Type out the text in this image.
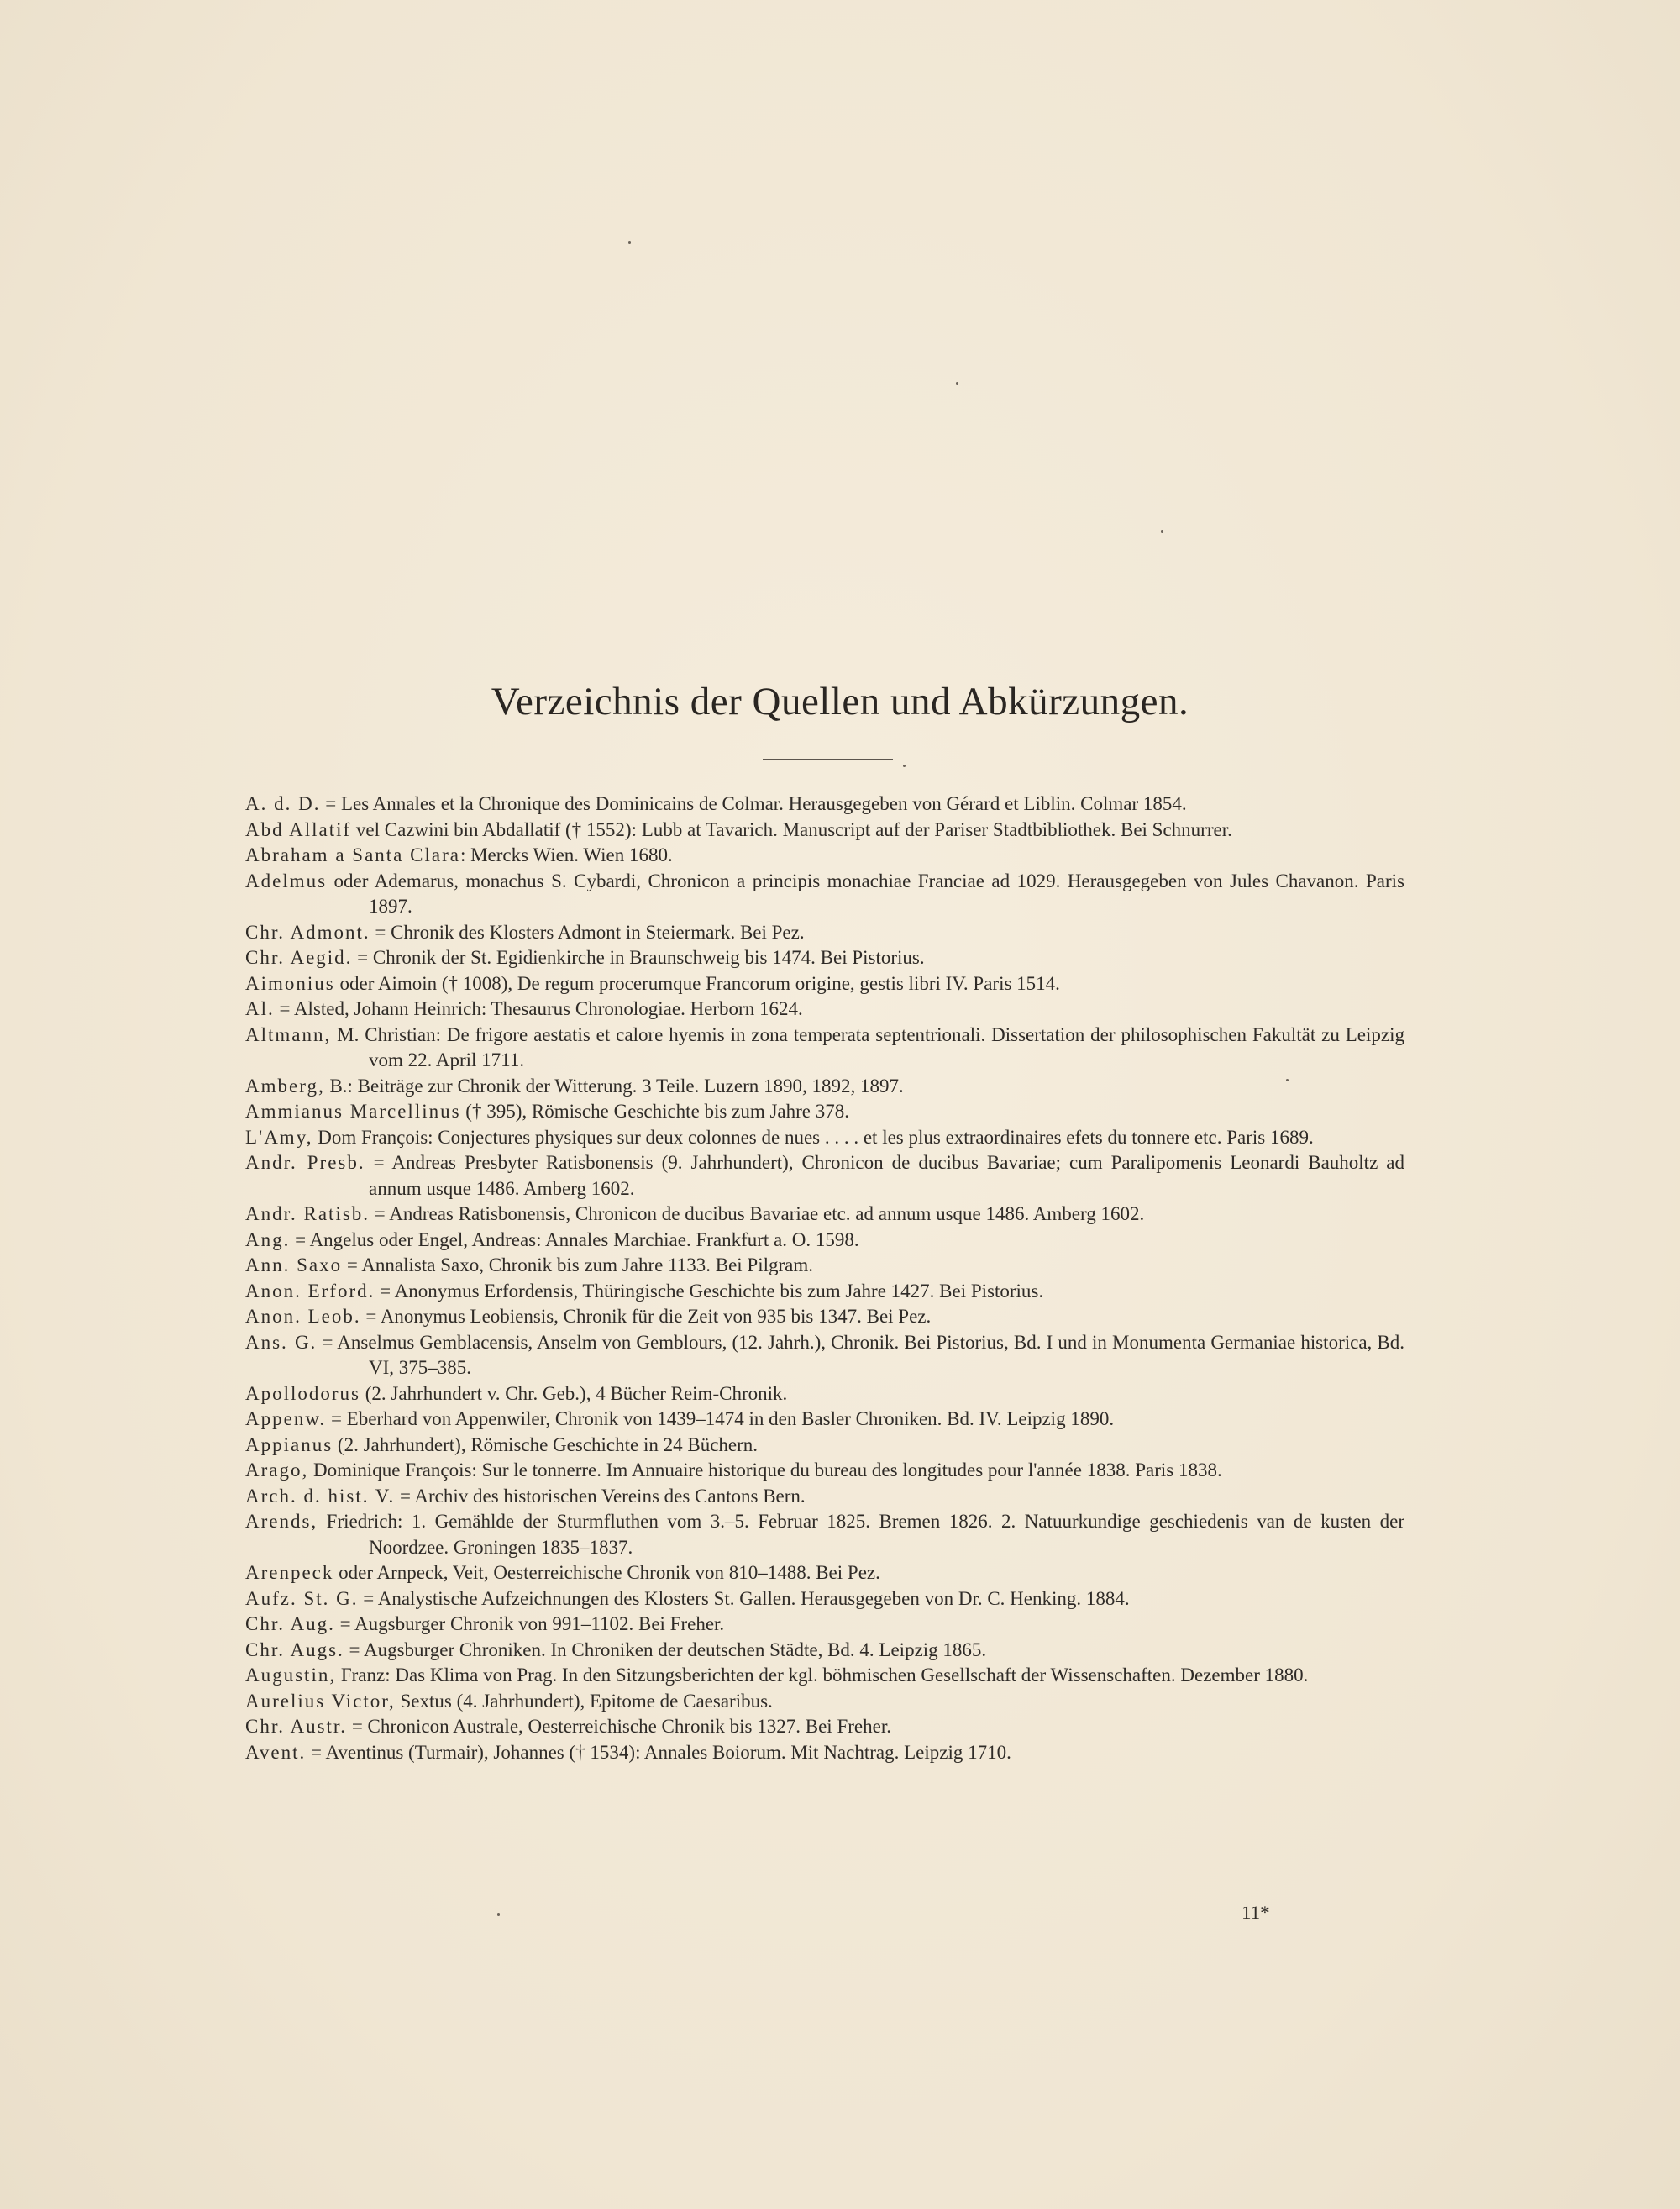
Verzeichnis der Quellen und Abkürzungen.
A. d. D. = Les Annales et la Chronique des Dominicains de Colmar. Herausgegeben von Gérard et Liblin. Colmar 1854.
Abd Allatif vel Cazwini bin Abdallatif († 1552): Lubb at Tavarich. Manuscript auf der Pariser Stadtbibliothek. Bei Schnurrer.
Abraham a Santa Clara: Mercks Wien. Wien 1680.
Adelmus oder Ademarus, monachus S. Cybardi, Chronicon a principis monachiae Franciae ad 1029. Herausgegeben von Jules Chavanon. Paris 1897.
Chr. Admont. = Chronik des Klosters Admont in Steiermark. Bei Pez.
Chr. Aegid. = Chronik der St. Egidienkirche in Braunschweig bis 1474. Bei Pistorius.
Aimonius oder Aimoin († 1008), De regum procerumque Francorum origine, gestis libri IV. Paris 1514.
Al. = Alsted, Johann Heinrich: Thesaurus Chronologiae. Herborn 1624.
Altmann, M. Christian: De frigore aestatis et calore hyemis in zona temperata septentrionali. Dissertation der philosophischen Fakultät zu Leipzig vom 22. April 1711.
Amberg, B.: Beiträge zur Chronik der Witterung. 3 Teile. Luzern 1890, 1892, 1897.
Ammianus Marcellinus († 395), Römische Geschichte bis zum Jahre 378.
L'Amy, Dom François: Conjectures physiques sur deux colonnes de nues . . . . et les plus extraordinaires efets du tonnere etc. Paris 1689.
Andr. Presb. = Andreas Presbyter Ratisbonensis (9. Jahrhundert), Chronicon de ducibus Bavariae; cum Paralipomenis Leonardi Bauholtz ad annum usque 1486. Amberg 1602.
Andr. Ratisb. = Andreas Ratisbonensis, Chronicon de ducibus Bavariae etc. ad annum usque 1486. Amberg 1602.
Ang. = Angelus oder Engel, Andreas: Annales Marchiae. Frankfurt a. O. 1598.
Ann. Saxo = Annalista Saxo, Chronik bis zum Jahre 1133. Bei Pilgram.
Anon. Erford. = Anonymus Erfordensis, Thüringische Geschichte bis zum Jahre 1427. Bei Pistorius.
Anon. Leob. = Anonymus Leobiensis, Chronik für die Zeit von 935 bis 1347. Bei Pez.
Ans. G. = Anselmus Gemblacensis, Anselm von Gemblours, (12. Jahrh.), Chronik. Bei Pistorius, Bd. I und in Monumenta Germaniae historica, Bd. VI, 375–385.
Apollodorus (2. Jahrhundert v. Chr. Geb.), 4 Bücher Reim-Chronik.
Appenw. = Eberhard von Appenwiler, Chronik von 1439–1474 in den Basler Chroniken. Bd. IV. Leipzig 1890.
Appianus (2. Jahrhundert), Römische Geschichte in 24 Büchern.
Arago, Dominique François: Sur le tonnerre. Im Annuaire historique du bureau des longitudes pour l'année 1838. Paris 1838.
Arch. d. hist. V. = Archiv des historischen Vereins des Cantons Bern.
Arends, Friedrich: 1. Gemählde der Sturmfluthen vom 3.–5. Februar 1825. Bremen 1826. 2. Natuurkundige geschiedenis van de kusten der Noordzee. Groningen 1835–1837.
Arenpeck oder Arnpeck, Veit, Oesterreichische Chronik von 810–1488. Bei Pez.
Aufz. St. G. = Analystische Aufzeichnungen des Klosters St. Gallen. Herausgegeben von Dr. C. Henking. 1884.
Chr. Aug. = Augsburger Chronik von 991–1102. Bei Freher.
Chr. Augs. = Augsburger Chroniken. In Chroniken der deutschen Städte, Bd. 4. Leipzig 1865.
Augustin, Franz: Das Klima von Prag. In den Sitzungsberichten der kgl. böhmischen Gesellschaft der Wissenschaften. Dezember 1880.
Aurelius Victor, Sextus (4. Jahrhundert), Epitome de Caesaribus.
Chr. Austr. = Chronicon Australe, Oesterreichische Chronik bis 1327. Bei Freher.
Avent. = Aventinus (Turmair), Johannes († 1534): Annales Boiorum. Mit Nachtrag. Leipzig 1710.
11*
